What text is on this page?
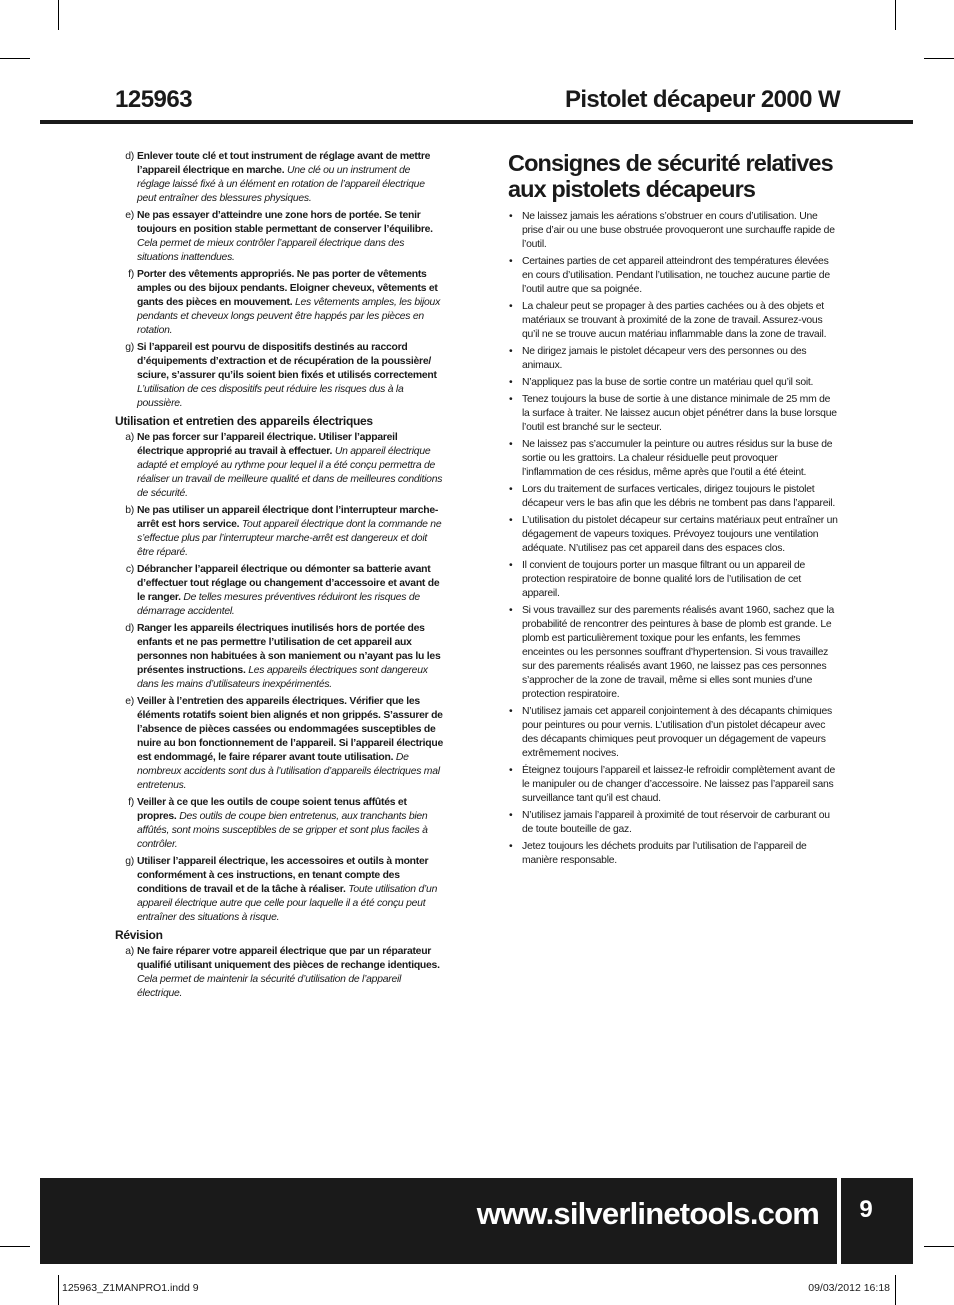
125963	Pistolet décapeur 2000 W
d) Enlever toute clé et tout instrument de réglage avant de mettre l’appareil électrique en marche. Une clé ou un instrument de réglage laissé fixé à un élément en rotation de l’appareil électrique peut entraîner des blessures physiques.
e) Ne pas essayer d’atteindre une zone hors de portée. Se tenir toujours en position stable permettant de conserver l’équilibre. Cela permet de mieux contrôler l’appareil électrique dans des situations inattendues.
f) Porter des vêtements appropriés. Ne pas porter de vêtements amples ou des bijoux pendants. Eloigner cheveux, vêtements et gants des pièces en mouvement. Les vêtements amples, les bijoux pendants et cheveux longs peuvent être happés par les pièces en rotation.
g) Si l’appareil est pourvu de dispositifs destinés au raccord d’équipements d’extraction et de récupération de la poussière/ sciure, s’assurer qu’ils soient bien fixés et utilisés correctement L’utilisation de ces dispositifs peut réduire les risques dus à la poussière.
Utilisation et entretien des appareils électriques
a) Ne pas forcer sur l’appareil électrique. Utiliser l’appareil électrique approprié au travail à effectuer. Un appareil électrique adapté et employé au rythme pour lequel il a été conçu permettra de réaliser un travail de meilleure qualité et dans de meilleures conditions de sécurité.
b) Ne pas utiliser un appareil électrique dont l’interrupteur marche-arrêt est hors service. Tout appareil électrique dont la commande ne s’effectue plus par l’interrupteur marche-arrêt est dangereux et doit être réparé.
c) Débrancher l’appareil électrique ou démonter sa batterie avant d’effectuer tout réglage ou changement d’accessoire et avant de le ranger. De telles mesures préventives réduiront les risques de démarrage accidentel.
d) Ranger les appareils électriques inutilisés hors de portée des enfants et ne pas permettre l’utilisation de cet appareil aux personnes non habituées à son maniement ou n’ayant pas lu les présentes instructions. Les appareils électriques sont dangereux dans les mains d’utilisateurs inexpérimentés.
e) Veiller à l’entretien des appareils électriques. Vérifier que les éléments rotatifs soient bien alignés et non grippés. S’assurer de l’absence de pièces cassées ou endommagées susceptibles de nuire au bon fonctionnement de l’appareil. Si l’appareil électrique est endommagé, le faire réparer avant toute utilisation. De nombreux accidents sont dus à l’utilisation d’appareils électriques mal entretenus.
f) Veiller à ce que les outils de coupe soient tenus affûtés et propres. Des outils de coupe bien entretenus, aux tranchants bien affûtés, sont moins susceptibles de se gripper et sont plus faciles à contrôler.
g) Utiliser l’appareil électrique, les accessoires et outils à monter conformément à ces instructions, en tenant compte des conditions de travail et de la tâche à réaliser. Toute utilisation d’un appareil électrique autre que celle pour laquelle il a été conçu peut entraîner des situations à risque.
Révision
a) Ne faire réparer votre appareil électrique que par un réparateur qualifié utilisant uniquement des pièces de rechange identiques. Cela permet de maintenir la sécurité d’utilisation de l’appareil électrique.
Consignes de sécurité relatives aux pistolets décapeurs
• Ne laissez jamais les aérations s’obstruer en cours d’utilisation. Une prise d’air ou une buse obstruée provoqueront une surchauffe rapide de l’outil.
• Certaines parties de cet appareil atteindront des températures élevées en cours d’utilisation. Pendant l’utilisation, ne touchez aucune partie de l’outil autre que sa poignée.
• La chaleur peut se propager à des parties cachées ou à des objets et matériaux se trouvant à proximité de la zone de travail. Assurez-vous qu’il ne se trouve aucun matériau inflammable dans la zone de travail.
• Ne dirigez jamais le pistolet décapeur vers des personnes ou des animaux.
• N’appliquez pas la buse de sortie contre un matériau quel qu’il soit.
• Tenez toujours la buse de sortie à une distance minimale de 25 mm de la surface à traiter. Ne laissez aucun objet pénétrer dans la buse lorsque l’outil est branché sur le secteur.
• Ne laissez pas s’accumuler la peinture ou autres résidus sur la buse de sortie ou les grattoirs. La chaleur résiduelle peut provoquer l’inflammation de ces résidus, même après que l’outil a été éteint.
• Lors du traitement de surfaces verticales, dirigez toujours le pistolet décapeur vers le bas afin que les débris ne tombent pas dans l’appareil.
• L’utilisation du pistolet décapeur sur certains matériaux peut entraîner un dégagement de vapeurs toxiques. Prévoyez toujours une ventilation adéquate. N’utilisez pas cet appareil dans des espaces clos.
• Il convient de toujours porter un masque filtrant ou un appareil de protection respiratoire de bonne qualité lors de l’utilisation de cet appareil.
• Si vous travaillez sur des parements réalisés avant 1960, sachez que la probabilité de rencontrer des peintures à base de plomb est grande. Le plomb est particulièrement toxique pour les enfants, les femmes enceintes ou les personnes souffrant d’hypertension. Si vous travaillez sur des parements réalisés avant 1960, ne laissez pas ces personnes s’approcher de la zone de travail, même si elles sont munies d’une protection respiratoire.
• N’utilisez jamais cet appareil conjointement à des décapants chimiques pour peintures ou pour vernis. L’utilisation d’un pistolet décapeur avec des décapants chimiques peut provoquer un dégagement de vapeurs extrêmement nocives.
• Éteignez toujours l’appareil et laissez-le refroidir complètement avant de le manipuler ou de changer d’accessoire. Ne laissez pas l’appareil sans surveillance tant qu’il est chaud.
• N’utilisez jamais l’appareil à proximité de tout réservoir de carburant ou de toute bouteille de gaz.
• Jetez toujours les déchets produits par l’utilisation de l’appareil de manière responsable.
www.silverlinetools.com	9
125963_Z1MANPRO1.indd 9	09/03/2012 16:18
